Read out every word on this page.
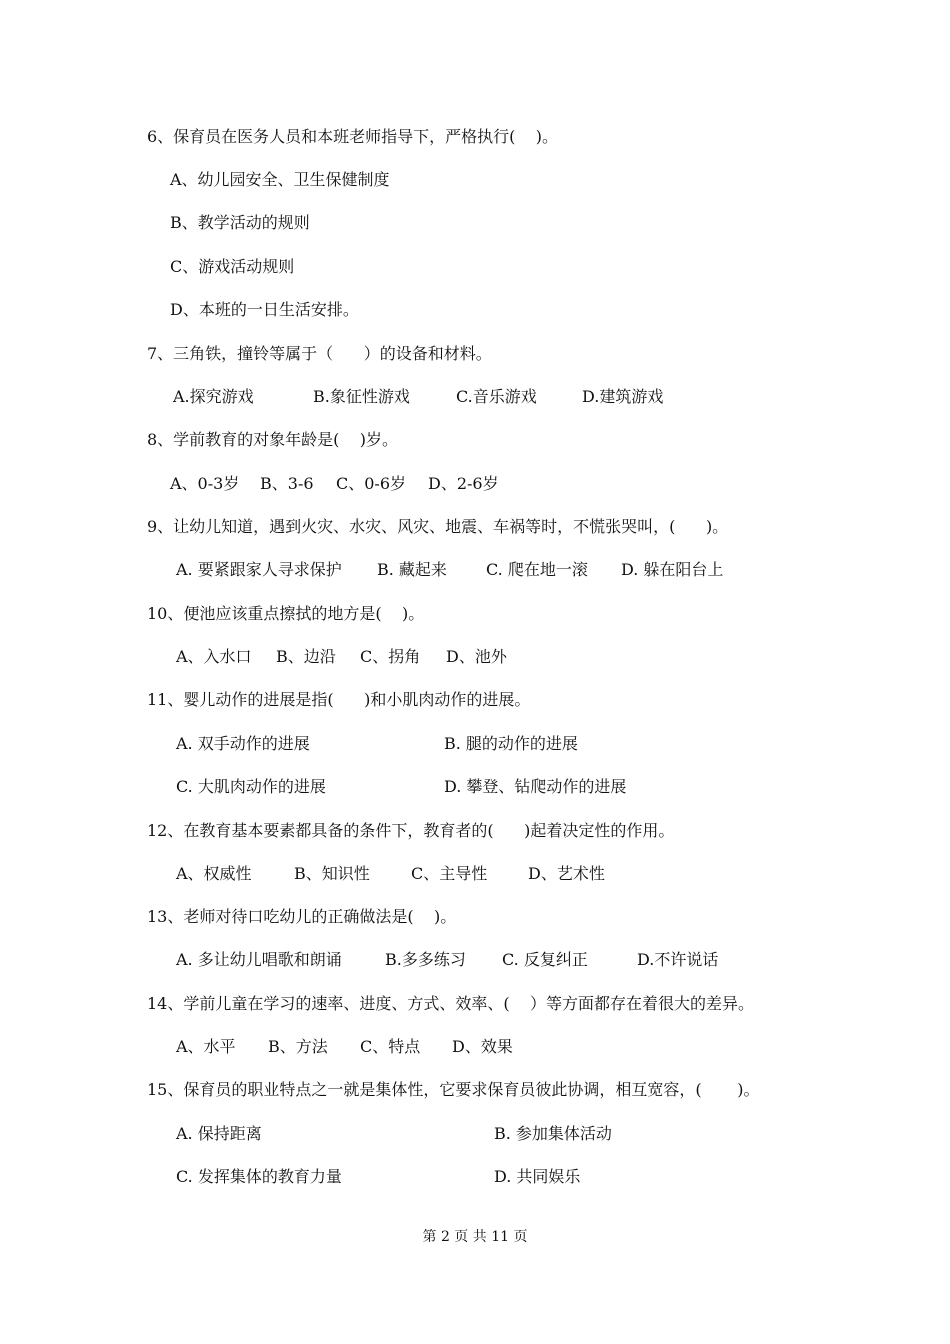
6、保育员在医务人员和本班老师指导下，严格执行(    )。
A、幼儿园安全、卫生保健制度
B、教学活动的规则
C、游戏活动规则
D、本班的一日生活安排。
7、三角铁，撞铃等属于（      ）的设备和材料。
A.探究游戏	B.象征性游戏	C.音乐游戏	D.建筑游戏
8、学前教育的对象年龄是(    )岁。
A、0-3岁 B、3-6 C、0-6岁 D、2-6岁
9、让幼儿知道，遇到火灾、水灾、风灾、地震、车祸等时，不慌张哭叫，(      )。
A. 要紧跟家人寻求保护 B. 藏起来 C. 爬在地一滚 D. 躲在阳台上
10、便池应该重点擦拭的地方是(    )。
A、入水口 B、边沿 C、拐角 D、池外
11、婴儿动作的进展是指(      )和小肌肉动作的进展。
A. 双手动作的进展	B. 腿的动作的进展
C. 大肌肉动作的进展	D. 攀登、钻爬动作的进展
12、在教育基本要素都具备的条件下，教育者的(      )起着决定性的作用。
A、权威性	B、知识性	C、主导性	D、艺术性
13、老师对待口吃幼儿的正确做法是(    )。
A. 多让幼儿唱歌和朗诵	B.多多练习 C. 反复纠正	D.不许说话
14、学前儿童在学习的速率、进度、方式、效率、(    ）等方面都存在着很大的差异。
A、水平 B、方法 C、特点 D、效果
15、保育员的职业特点之一就是集体性，它要求保育员彼此协调，相互宽容，(       )。
A. 保持距离	B. 参加集体活动
C. 发挥集体的教育力量	D. 共同娱乐
第 2 页 共 11 页
